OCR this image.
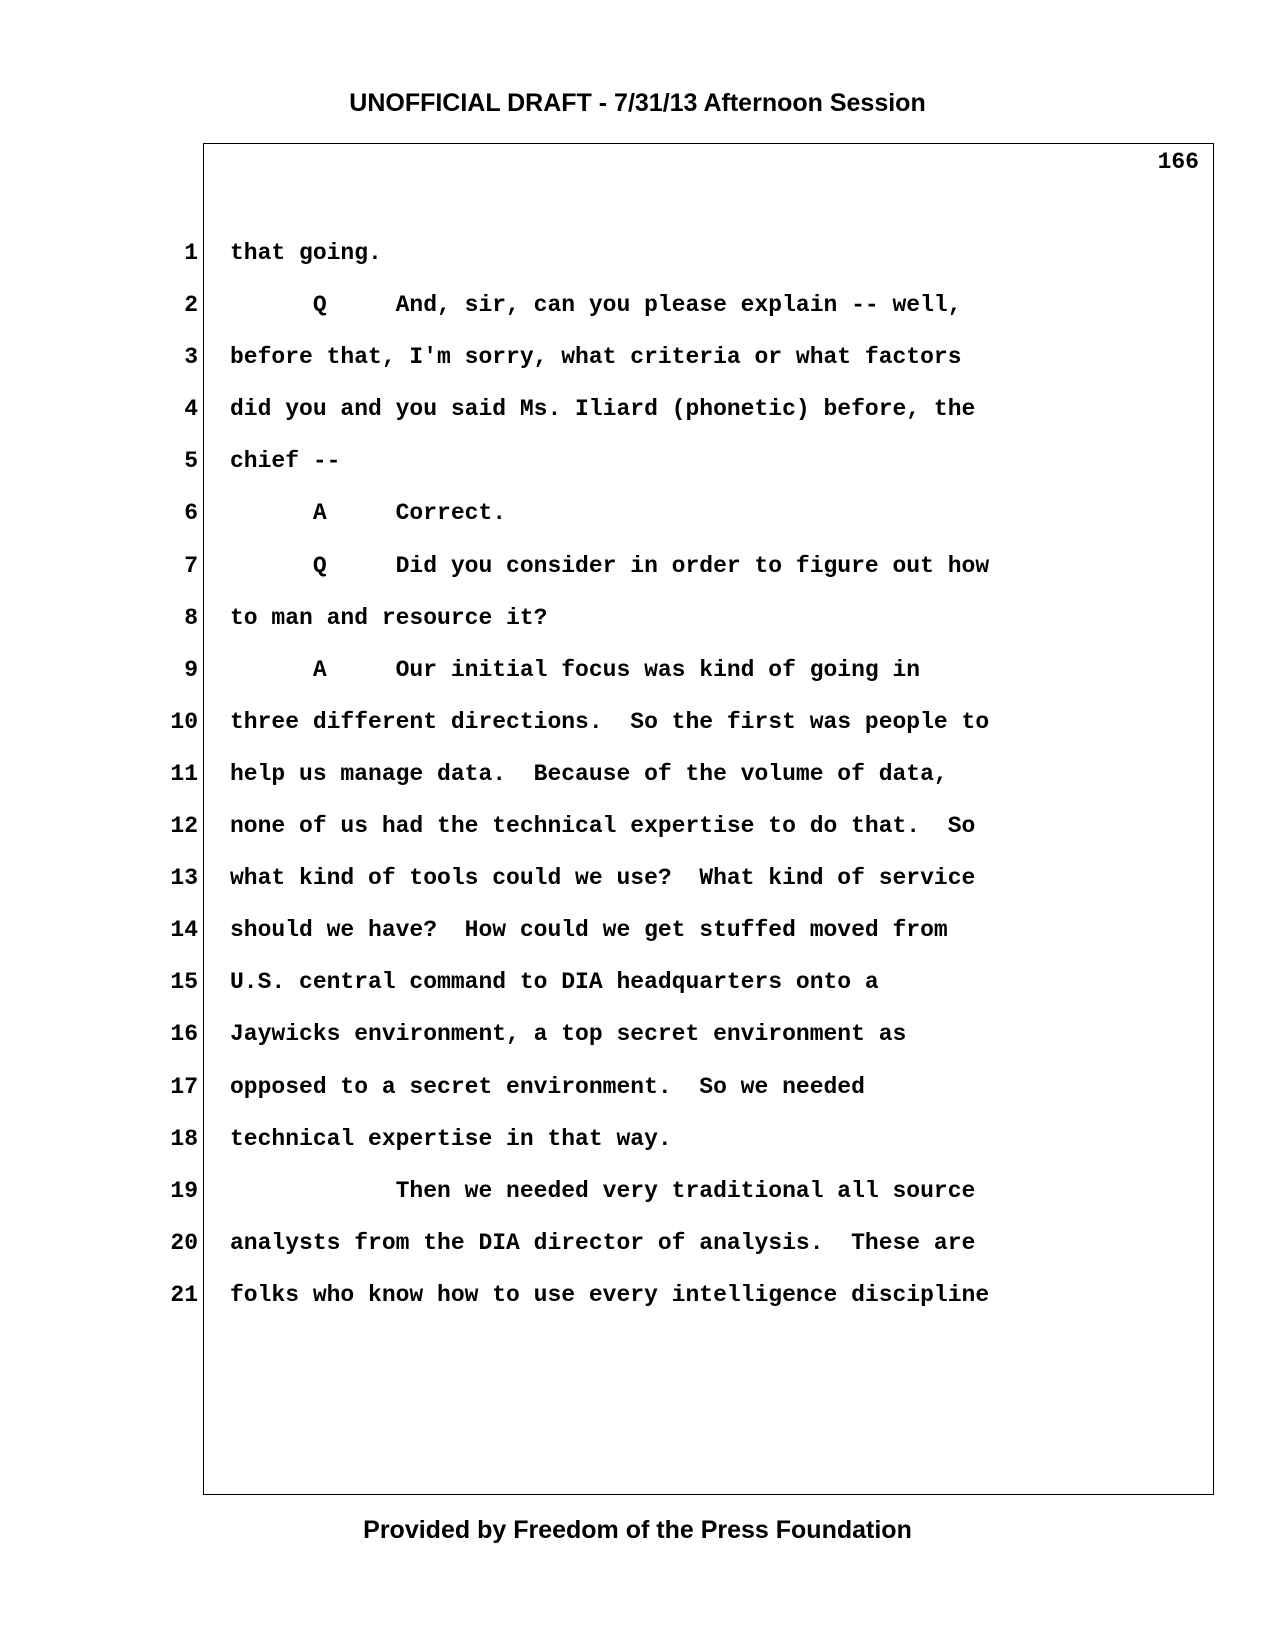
UNOFFICIAL DRAFT - 7/31/13 Afternoon Session
166
1 that going.
2 Q     And, sir, can you please explain -- well,
3 before that, I'm sorry, what criteria or what factors
4 did you and you said Ms. Iliard (phonetic) before, the
5 chief --
6 A     Correct.
7 Q     Did you consider in order to figure out how
8 to man and resource it?
9 A     Our initial focus was kind of going in
10 three different directions.  So the first was people to
11 help us manage data.  Because of the volume of data,
12 none of us had the technical expertise to do that.  So
13 what kind of tools could we use?  What kind of service
14 should we have?  How could we get stuffed moved from
15 U.S. central command to DIA headquarters onto a
16 Jaywicks environment, a top secret environment as
17 opposed to a secret environment.  So we needed
18 technical expertise in that way.
19 Then we needed very traditional all source
20 analysts from the DIA director of analysis.  These are
21 folks who know how to use every intelligence discipline
Provided by Freedom of the Press Foundation
